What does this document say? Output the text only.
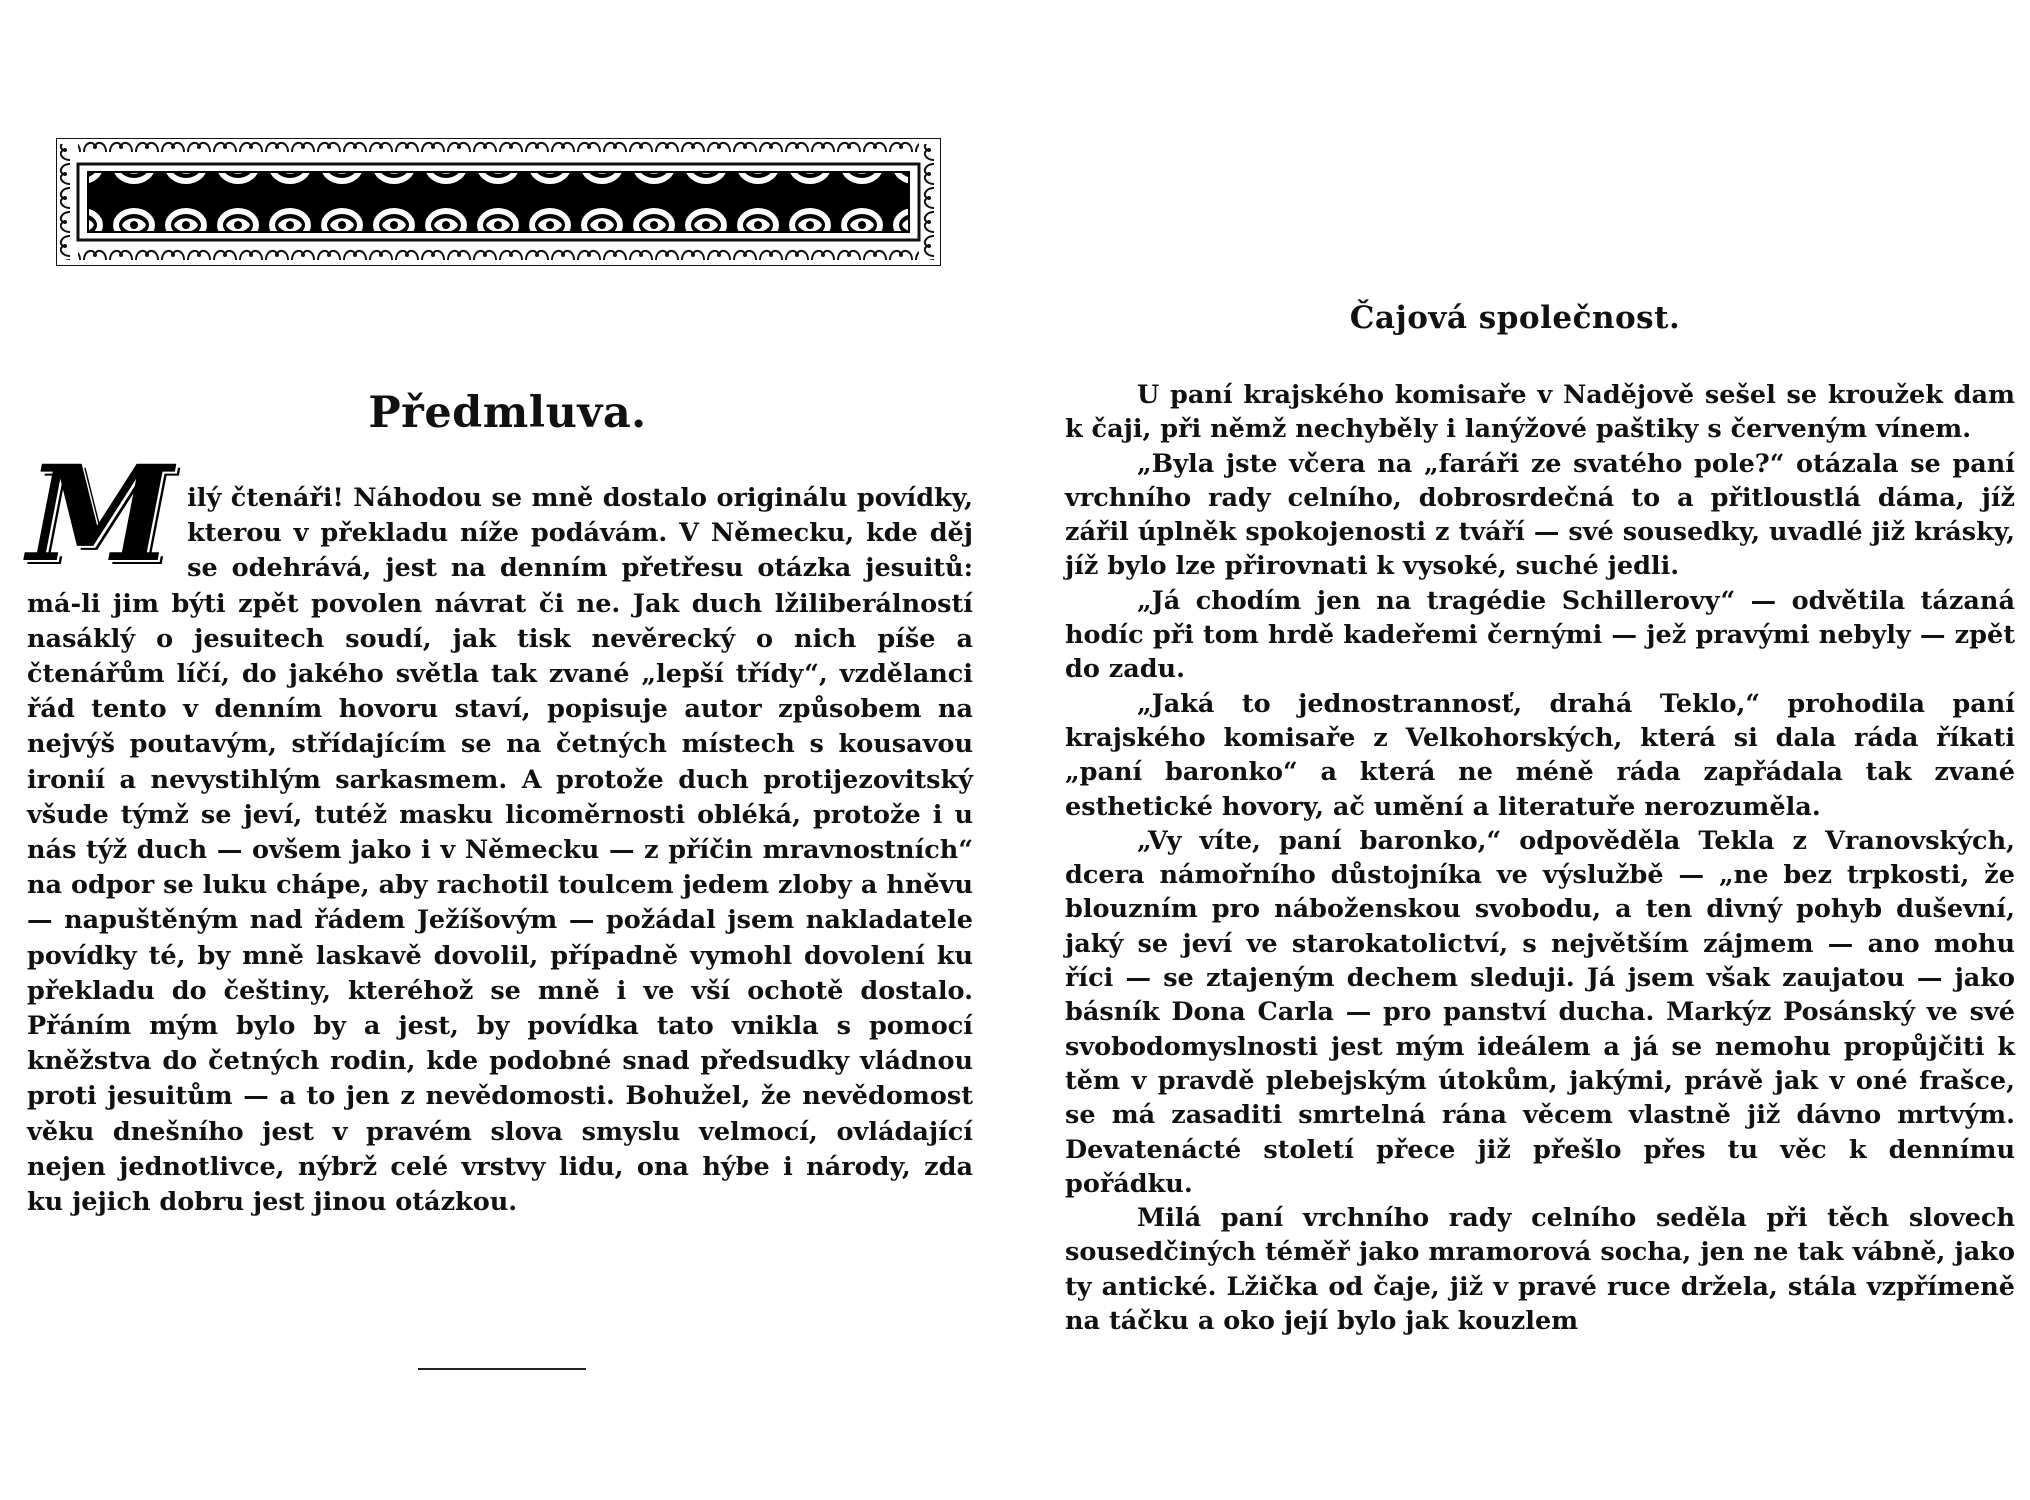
Předmluva.

Milý čtenáři! Náhodou se mně dostalo originálu povídky, kterou v překladu níže podávám. V Německu, kde děj se odehrává, jest na denním přetřesu otázka jesuitů: má-li jim býti zpět povolen návrat či ne. Jak duch lžiliberálností nasáklý o jesuitech soudí, jak tisk nevěrecký o nich píše a čtenářům líčí, do jakého světla tak zvané „lepší třídy“, vzdělanci řád tento v denním hovoru staví, popisuje autor způsobem na nejvýš poutavým, střídajícím se na četných místech s kousavou ironií a nevystihlým sarkasmem. A protože duch protijezovitský všude týmž se jeví, tutéž masku licoměrnosti obléká, protože i u nás týž duch — ovšem jako i v Německu — z příčin mravnostních“ na odpor se luku chápe, aby rachotil toulcem jedem zloby a hněvu — napuštěným nad řádem Ježíšovým — požádal jsem nakladatele povídky té, by mně laskavě dovolil, případně vymohl dovolení ku překladu do češtiny, kteréhož se mně i ve vší ochotě dostalo. Přáním mým bylo by a jest, by povídka tato vnikla s pomocí kněžstva do četných rodin, kde podobné snad předsudky vládnou proti jesuitům — a to jen z nevědomosti. Bohužel, že nevědomost věku dnešního jest v pravém slova smyslu velmocí, ovládající nejen jednotlivce, nýbrž celé vrstvy lidu, ona hýbe i národy, zda ku jejich dobru jest jinou otázkou.

Čajová společnost.

U paní krajského komisaře v Nadějově sešel se kroužek dam k čaji, při němž nechyběly i lanýžové paštiky s červeným vínem.

„Byla jste včera na „faráři ze svatého pole?“ otázala se paní vrchního rady celního, dobrosrdečná to a přitloustlá dáma, jíž zářil úplněk spokojenosti z tváří — své sousedky, uvadlé již krásky, jíž bylo lze přirovnati k vysoké, suché jedli.

„Já chodím jen na tragédie Schillerovy“ — odvětila tázaná hodíc při tom hrdě kadeřemi černými — jež pravými nebyly — zpět do zadu.

„Jaká to jednostrannosť, drahá Teklo,“ prohodila paní krajského komisaře z Velkohorských, která si dala ráda říkati „paní baronko“ a která ne méně ráda zapřádala tak zvané esthetické hovory, ač umění a literatuře nerozuměla.

„Vy víte, paní baronko,“ odpověděla Tekla z Vranovských, dcera námořního důstojníka ve výslužbě — „ne bez trpkosti, že blouzním pro náboženskou svobodu, a ten divný pohyb duševní, jaký se jeví ve starokatolictví, s největším zájmem — ano mohu říci — se ztajeným dechem sleduji. Já jsem však zaujatou — jako básník Dona Carla — pro panství ducha. Markýz Posánský ve své svobodomyslnosti jest mým ideálem a já se nemohu propůjčiti k těm v pravdě plebejským útokům, jakými, právě jak v oné frašce, se má zasaditi smrtelná rána věcem vlastně již dávno mrtvým. Devatenácté století přece již přešlo přes tu věc k dennímu pořádku.

Milá paní vrchního rady celního seděla při těch slovech sousedčiných téměř jako mramorová socha, jen ne tak vábně, jako ty antické. Lžička od čaje, již v pravé ruce držela, stála vzpřímeně na táčku a oko její bylo jak kouzlem
